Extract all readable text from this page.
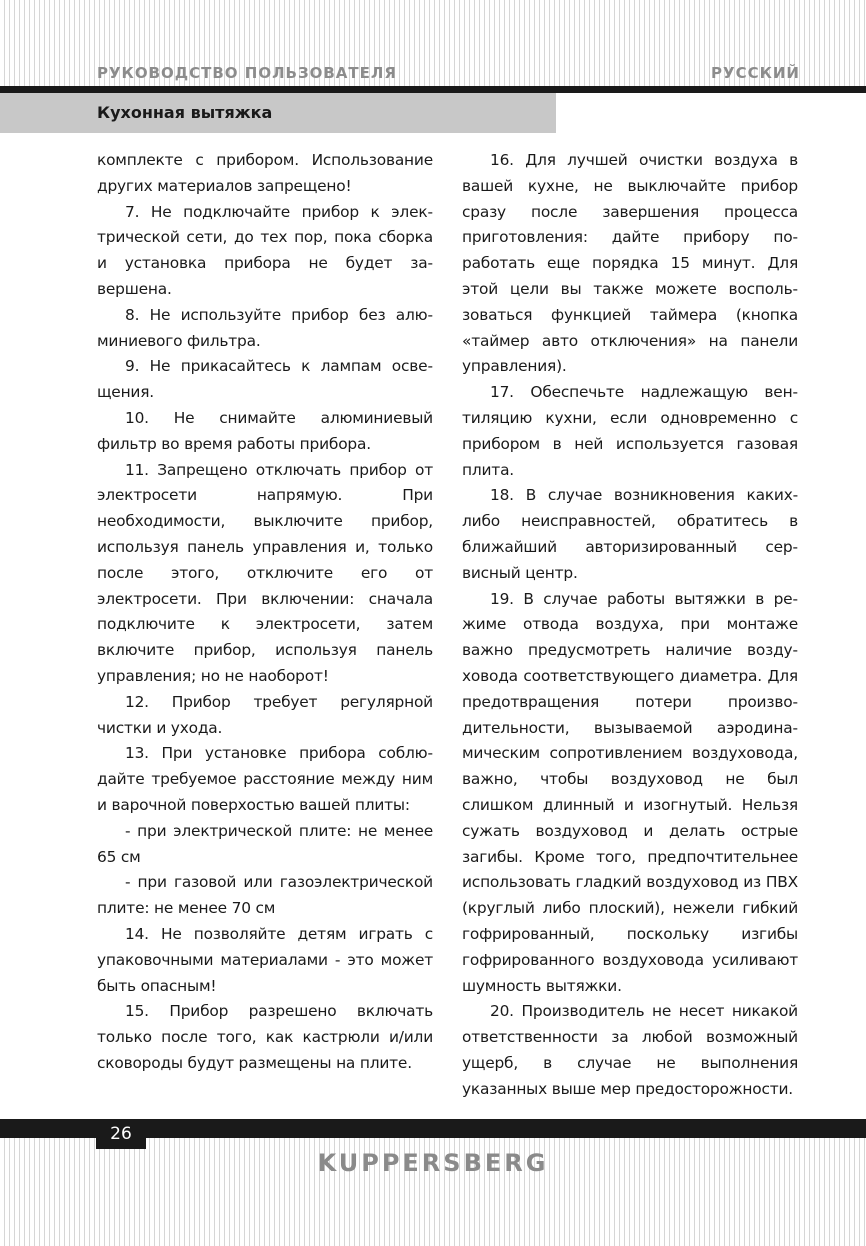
РУКОВОДСТВО ПОЛЬЗОВАТЕЛЯ	РУССКИЙ
Кухонная вытяжка

комплекте с прибором. Использование других материалов запрещено!

7. Не подключайте прибор к электрической сети, до тех пор, пока сборка и установка прибора не будет завершена.

8. Не используйте прибор без алюминиевого фильтра.

9. Не прикасайтесь к лампам освещения.

10. Не снимайте алюминиевый фильтр во время работы прибора.

11. Запрещено отключать прибор от электросети напрямую. При необходимости, выключите прибор, используя панель управления и, только после этого, отключите его от электросети. При включении: сначала подключите к электросети, затем включите прибор, используя панель управления; но не наоборот!

12. Прибор требует регулярной чистки и ухода.

13. При установке прибора соблюдайте требуемое расстояние между ним и варочной поверхостью вашей плиты:

- при электрической плите: не менее 65 см

- при газовой или газоэлектрической плите: не менее 70 см

14. Не позволяйте детям играть с упаковочными материалами - это может быть опасным!

15. Прибор разрешено включать только после того, как кастрюли и/или сковороды будут размещены на плите.

16. Для лучшей очистки воздуха в вашей кухне, не выключайте прибор сразу после завершения процесса приготовления: дайте прибору поработать еще порядка 15 минут. Для этой цели вы также можете воспользоваться функцией таймера (кнопка «таймер авто отключения» на панели управления).

17. Обеспечьте надлежащую вентиляцию кухни, если одновременно с прибором в ней используется газовая плита.

18. В случае возникновения каких-либо неисправностей, обратитесь в ближайший авторизированный сервисный центр.

19. В случае работы вытяжки в режиме отвода воздуха, при монтаже важно предусмотреть наличие воздуховода соответствующего диаметра. Для предотвращения потери производительности, вызываемой аэродинамическим сопротивлением воздуховода, важно, чтобы воздуховод не был слишком длинный и изогнутый. Нельзя сужать воздуховод и делать острые загибы. Кроме того, предпочтительнее использовать гладкий воздуховод из ПВХ (круглый либо плоский), нежели гибкий гофрированный, поскольку изгибы гофрированного воздуховода усиливают шумность вытяжки.

20. Производитель не несет никакой ответственности за любой возможный ущерб, в случае не выполнения указанных выше мер предосторожности.

26
KUPPERSBERG
